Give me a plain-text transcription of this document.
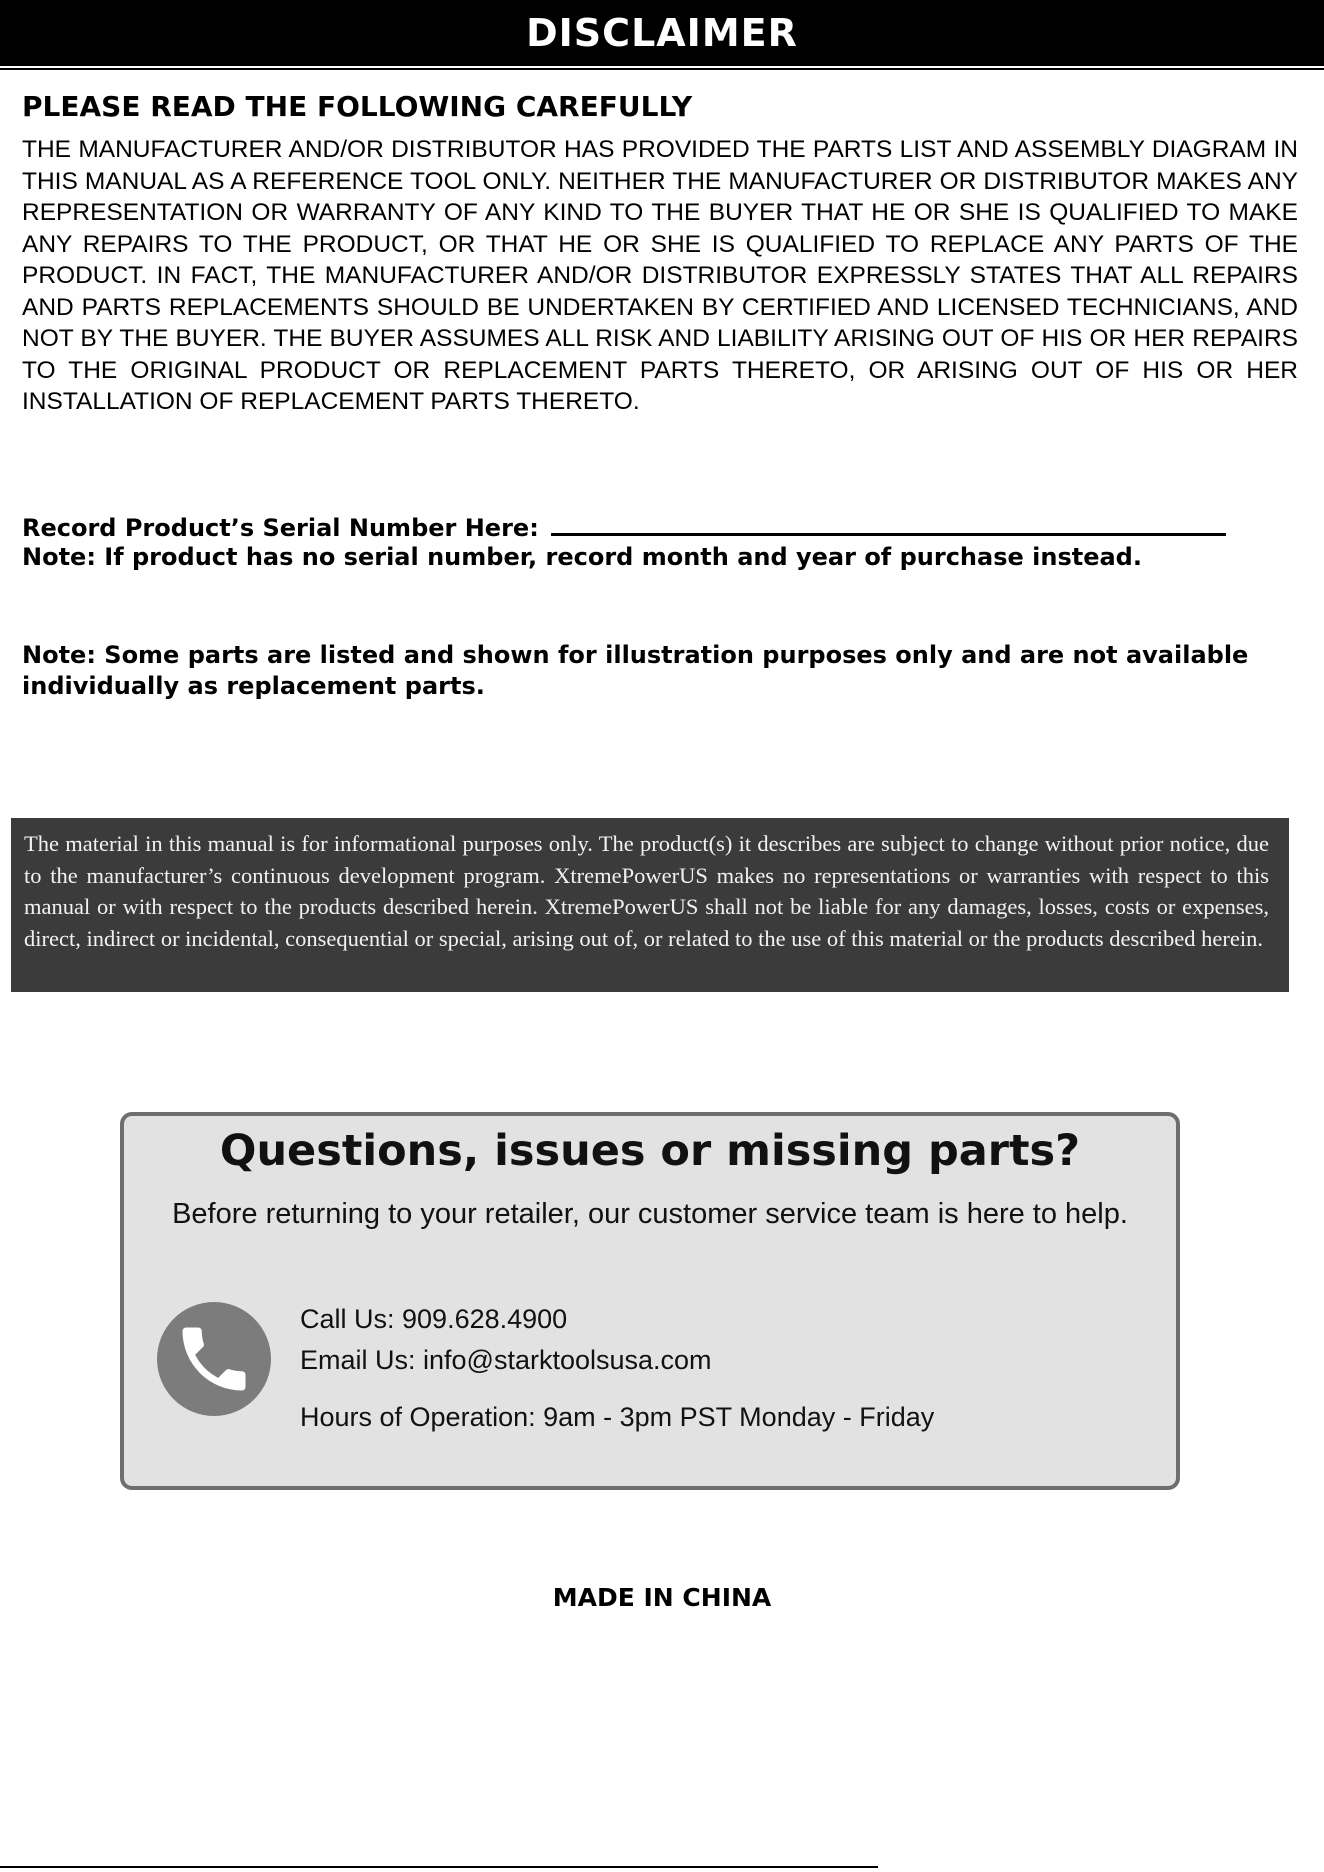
DISCLAIMER
PLEASE READ THE FOLLOWING CAREFULLY
THE MANUFACTURER AND/OR DISTRIBUTOR HAS PROVIDED THE PARTS LIST AND ASSEMBLY DIAGRAM IN THIS MANUAL AS A REFERENCE TOOL ONLY. NEITHER THE MANUFACTURER OR DISTRIBUTOR MAKES ANY REPRESENTATION OR WARRANTY OF ANY KIND TO THE BUYER THAT HE OR SHE IS QUALIFIED TO MAKE ANY REPAIRS TO THE PRODUCT, OR THAT HE OR SHE IS QUALIFIED TO REPLACE ANY PARTS OF THE PRODUCT. IN FACT, THE MANUFACTURER AND/OR DISTRIBUTOR EXPRESSLY STATES THAT ALL REPAIRS AND PARTS REPLACEMENTS SHOULD BE UNDERTAKEN BY CERTIFIED AND LICENSED TECHNICIANS, AND NOT BY THE BUYER. THE BUYER ASSUMES ALL RISK AND LIABILITY ARISING OUT OF HIS OR HER REPAIRS TO THE ORIGINAL PRODUCT OR REPLACEMENT PARTS THERETO, OR ARISING OUT OF HIS OR HER INSTALLATION OF REPLACEMENT PARTS THERETO.
Record Product’s Serial Number Here:
Note: If product has no serial number, record month and year of purchase instead.
Note: Some parts are listed and shown for illustration purposes only and are not available individually as replacement parts.
The material in this manual is for informational purposes only. The product(s) it describes are subject to change without prior notice, due to the manufacturer’s continuous development program. XtremePowerUS makes no representations or warranties with respect to this manual or with respect to the products described herein. XtremePowerUS shall not be liable for any damages, losses, costs or expenses, direct, indirect or incidental, consequential or special, arising out of, or related to the use of this material or the products described herein.
Questions, issues or missing parts?
Before returning to your retailer, our customer service team is here to help.
Call Us: 909.628.4900
Email Us: info@starktoolsusa.com
Hours of Operation: 9am - 3pm PST Monday - Friday
MADE IN CHINA
